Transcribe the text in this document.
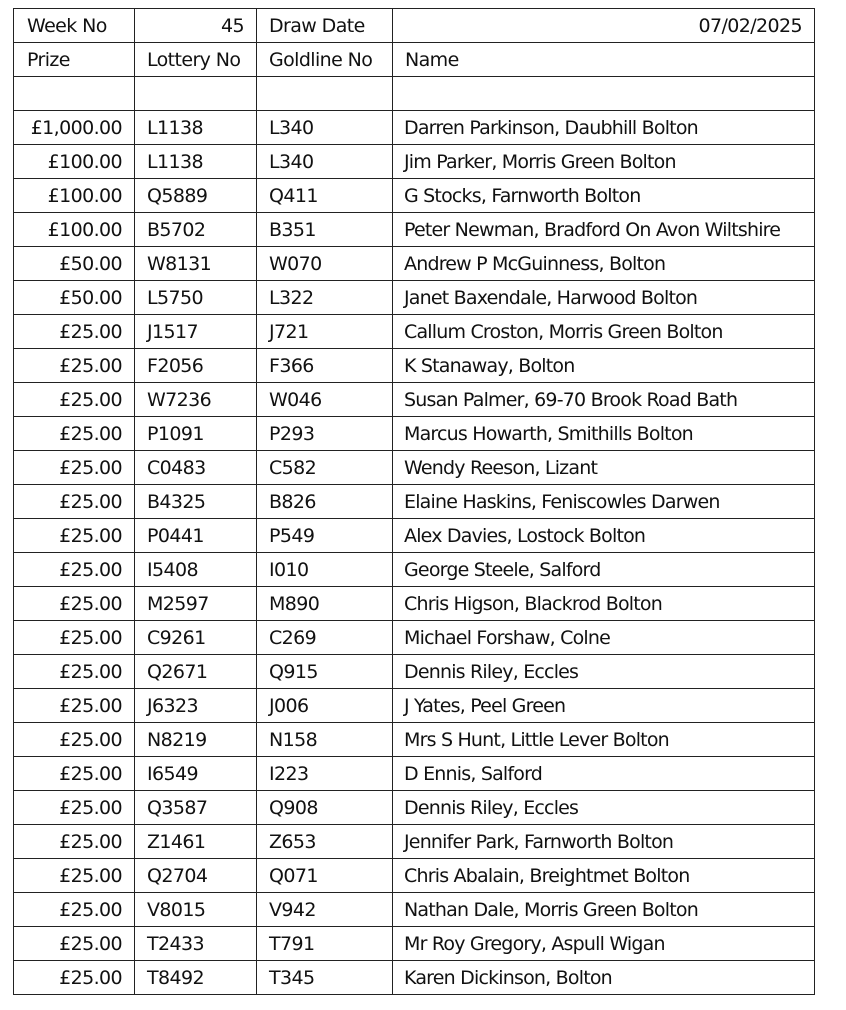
Week No	45	Draw Date	07/02/2025
Prize	Lottery No	Goldline No	Name

£1,000.00	L1138	L340	Darren Parkinson, Daubhill Bolton
£100.00	L1138	L340	Jim Parker, Morris Green Bolton
£100.00	Q5889	Q411	G Stocks, Farnworth Bolton
£100.00	B5702	B351	Peter Newman, Bradford On Avon Wiltshire
£50.00	W8131	W070	Andrew P McGuinness, Bolton
£50.00	L5750	L322	Janet Baxendale, Harwood Bolton
£25.00	J1517	J721	Callum Croston, Morris Green Bolton
£25.00	F2056	F366	K Stanaway, Bolton
£25.00	W7236	W046	Susan Palmer, 69-70 Brook Road Bath
£25.00	P1091	P293	Marcus Howarth, Smithills Bolton
£25.00	C0483	C582	Wendy Reeson, Lizant
£25.00	B4325	B826	Elaine Haskins, Feniscowles Darwen
£25.00	P0441	P549	Alex Davies, Lostock Bolton
£25.00	I5408	I010	George Steele, Salford
£25.00	M2597	M890	Chris Higson, Blackrod Bolton
£25.00	C9261	C269	Michael Forshaw, Colne
£25.00	Q2671	Q915	Dennis Riley, Eccles
£25.00	J6323	J006	J Yates, Peel Green
£25.00	N8219	N158	Mrs S Hunt, Little Lever Bolton
£25.00	I6549	I223	D Ennis, Salford
£25.00	Q3587	Q908	Dennis Riley, Eccles
£25.00	Z1461	Z653	Jennifer Park, Farnworth Bolton
£25.00	Q2704	Q071	Chris Abalain, Breightmet Bolton
£25.00	V8015	V942	Nathan Dale, Morris Green Bolton
£25.00	T2433	T791	Mr Roy Gregory, Aspull Wigan
£25.00	T8492	T345	Karen Dickinson, Bolton
